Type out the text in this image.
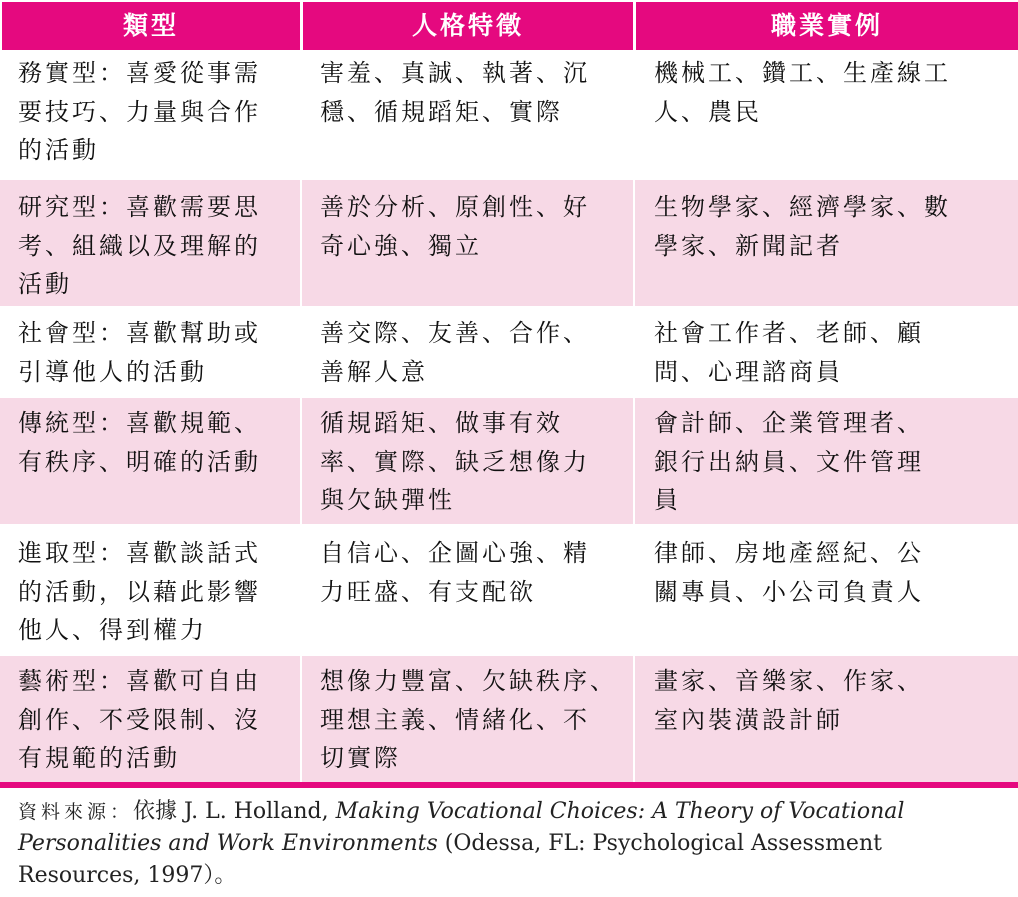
類型	人格特徵	職業實例
務實型：喜愛從事需
要技巧、力量與合作
的活動
害羞、真誠、執著、沉
穩、循規蹈矩、實際
機械工、鑽工、生產線工
人、農民
研究型：喜歡需要思
考、組織以及理解的
活動
善於分析、原創性、好
奇心強、獨立
生物學家、經濟學家、數
學家、新聞記者
社會型：喜歡幫助或
引導他人的活動
善交際、友善、合作、
善解人意
社會工作者、老師、顧
問、心理諮商員
傳統型：喜歡規範、
有秩序、明確的活動
循規蹈矩、做事有效
率、實際、缺乏想像力
與欠缺彈性
會計師、企業管理者、
銀行出納員、文件管理
員
進取型：喜歡談話式
的活動，以藉此影響
他人、得到權力
自信心、企圖心強、精
力旺盛、有支配欲
律師、房地產經紀、公
關專員、小公司負責人
藝術型：喜歡可自由
創作、不受限制、沒
有規範的活動
想像力豐富、欠缺秩序、
理想主義、情緒化、不
切實際
畫家、音樂家、作家、
室內裝潢設計師
資料來源：依據 J. L. Holland, Making Vocational Choices: A Theory of Vocational Personalities and Work Environments (Odessa, FL: Psychological Assessment Resources, 1997）。
